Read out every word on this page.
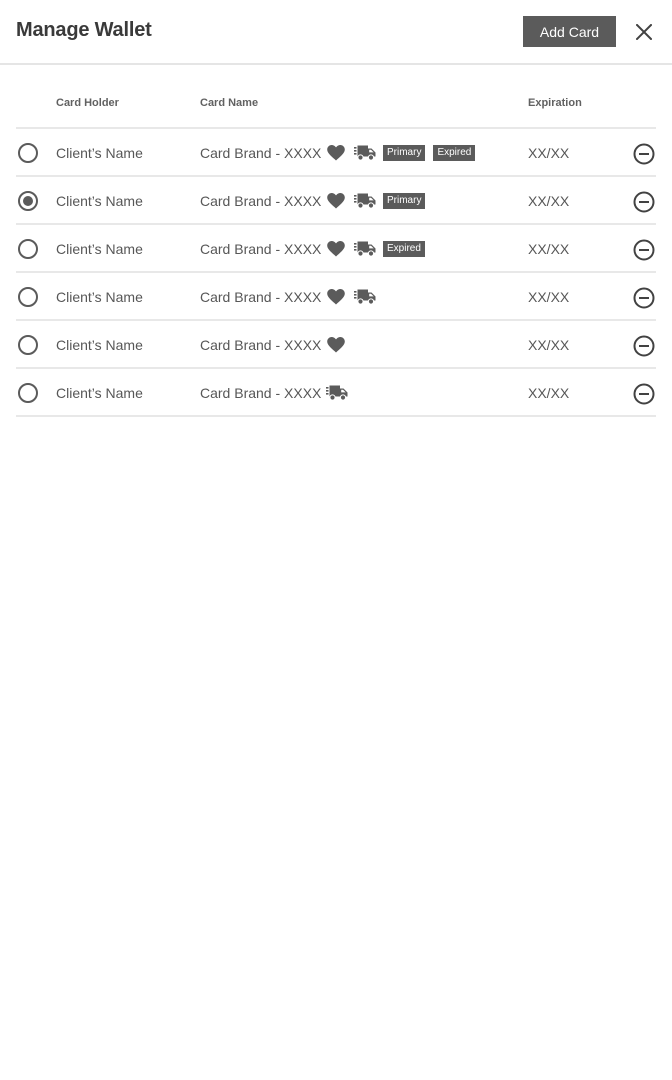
Manage Wallet	Add Card
Card Holder	Card Name	Expiration
Client’s Name	Card Brand - XXXX	Primary	Expired	XX/XX
Client’s Name	Card Brand - XXXX	Primary	XX/XX
Client’s Name	Card Brand - XXXX	Expired	XX/XX
Client’s Name	Card Brand - XXXX	XX/XX
Client’s Name	Card Brand - XXXX	XX/XX
Client’s Name	Card Brand - XXXX	XX/XX
